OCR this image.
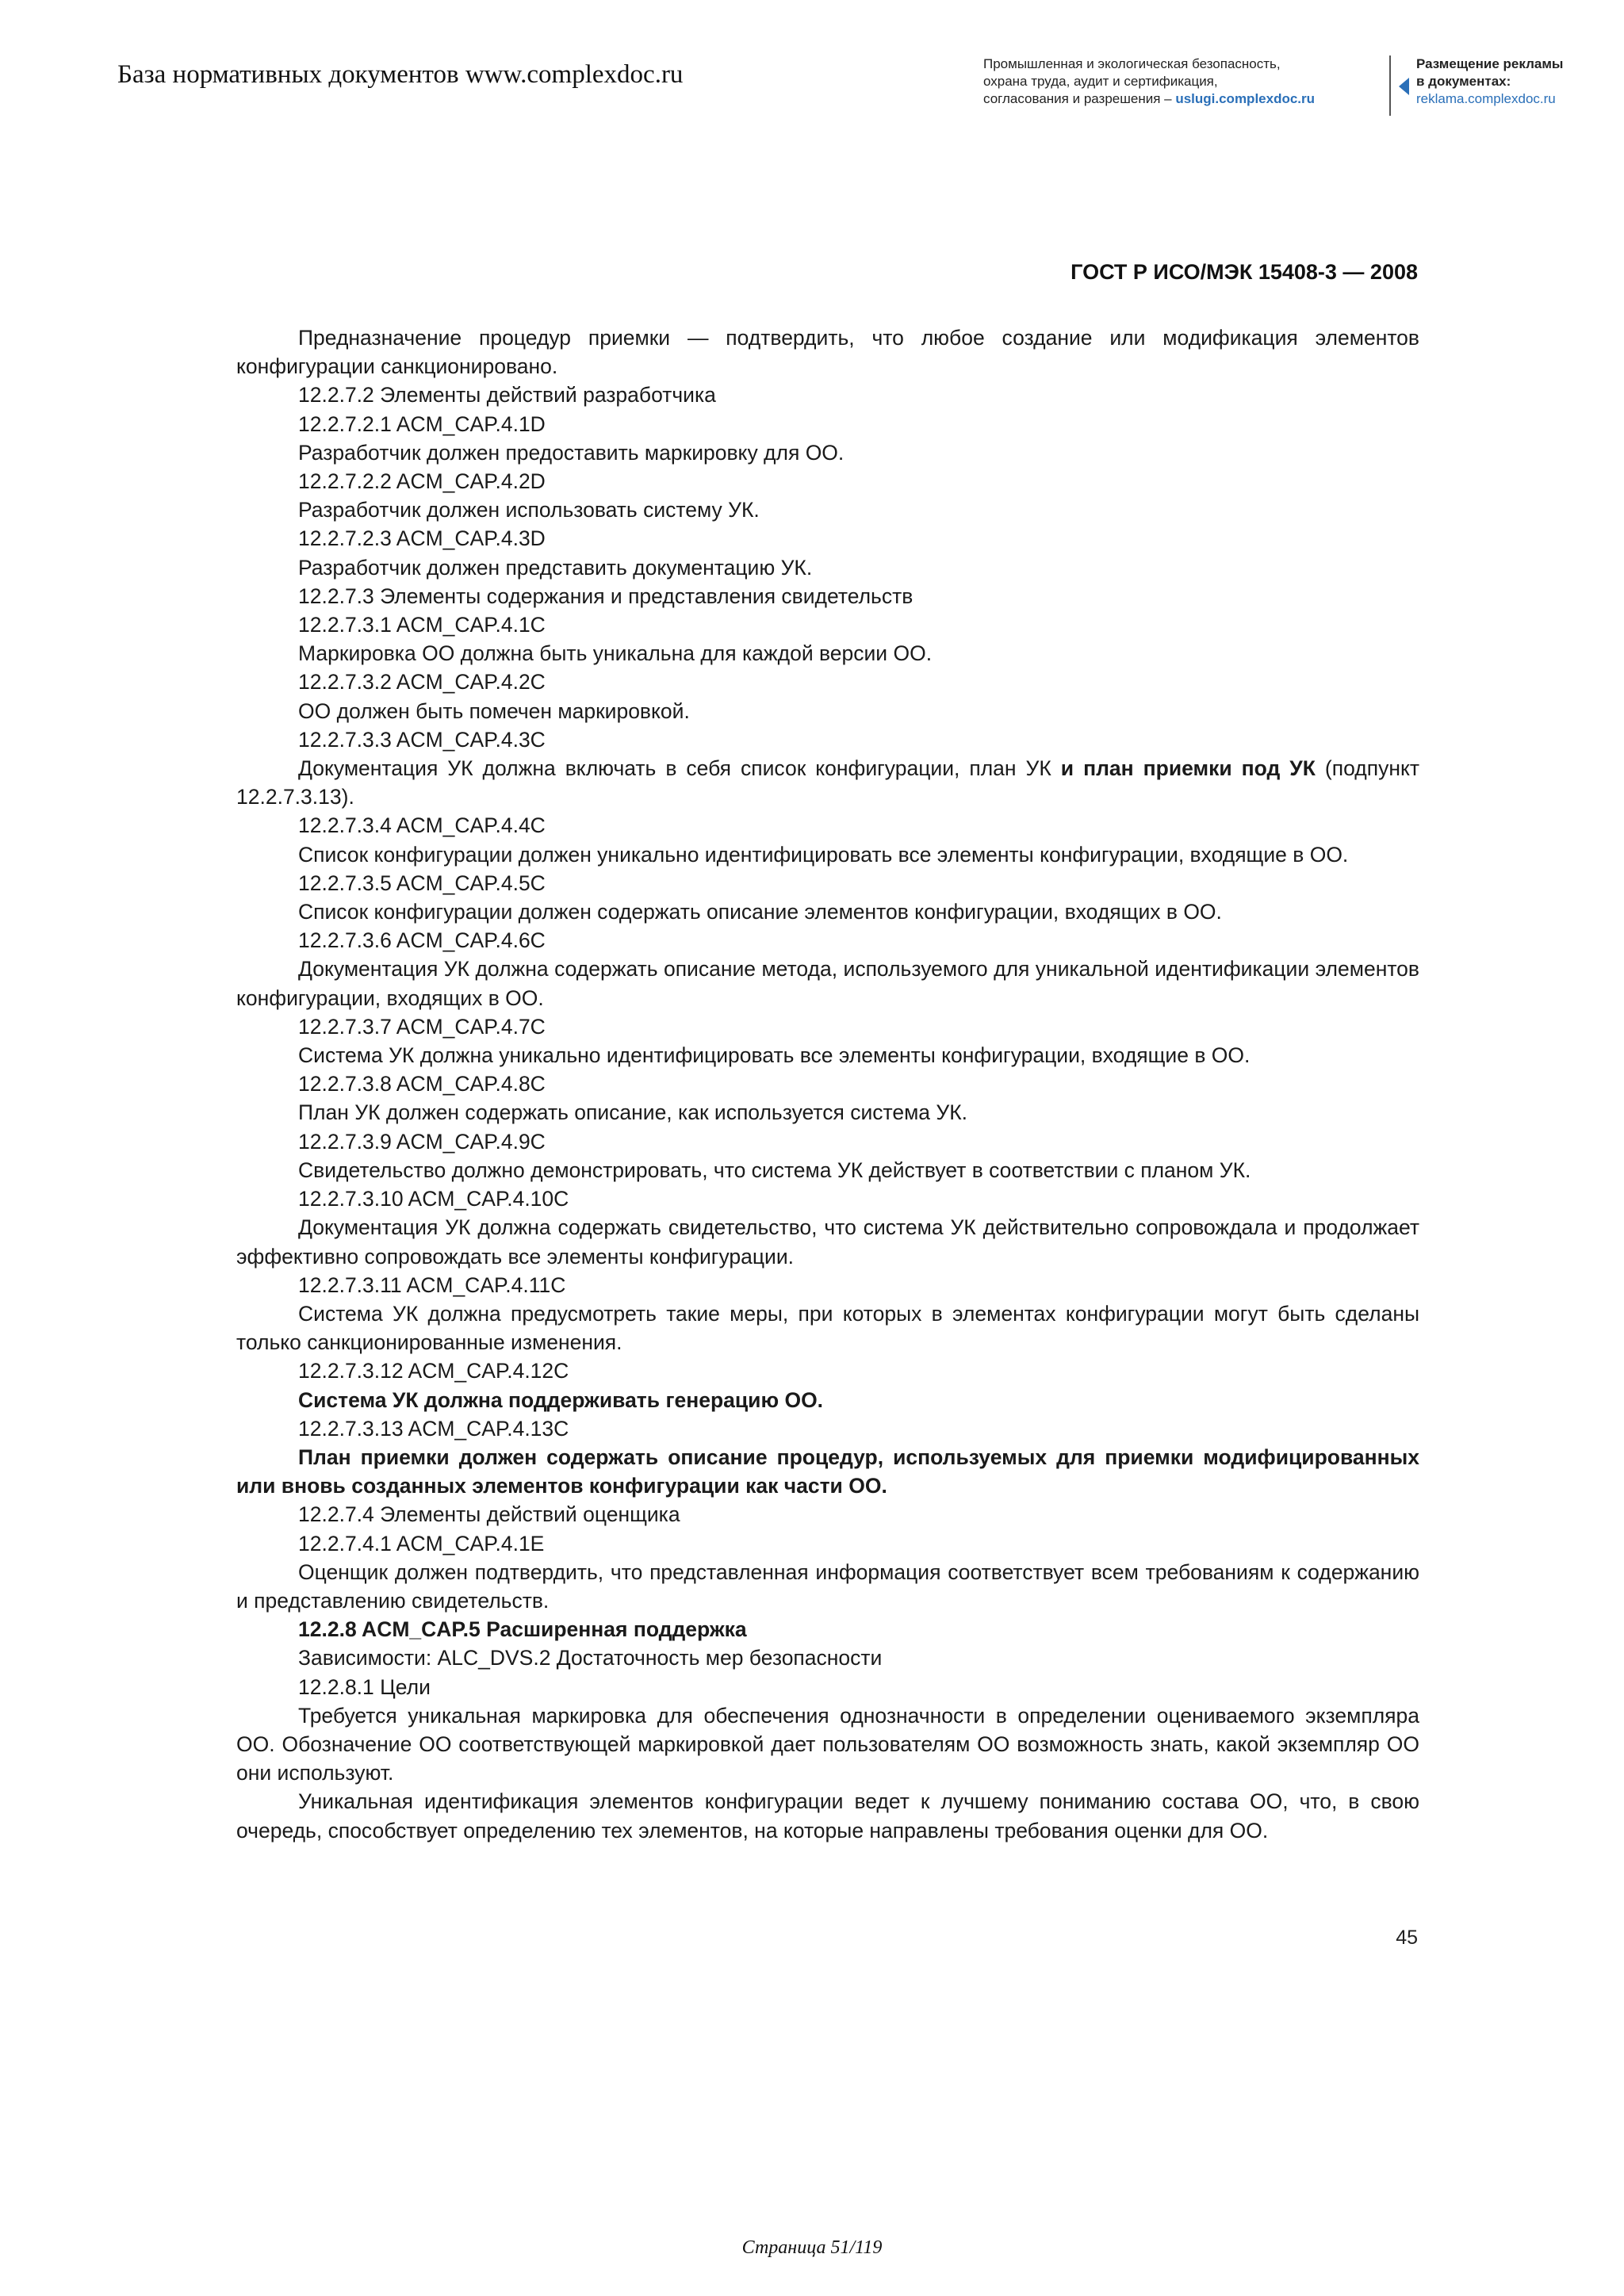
База нормативных документов www.complexdoc.ru	Промышленная и экологическая безопасность,
охрана труда, аудит и сертификация,
согласования и разрешения – uslugi.complexdoc.ru
Размещение рекламы
в документах:
reklama.complexdoc.ru
ГОСТ Р ИСО/МЭК 15408-3 — 2008

Предназначение процедур приемки — подтвердить, что любое создание или модификация элементов конфигурации санкционировано.

12.2.7.2 Элементы действий разработчика

12.2.7.2.1 ACM_CAP.4.1D

Разработчик должен предоставить маркировку для ОО.

12.2.7.2.2 ACM_CAP.4.2D

Разработчик должен использовать систему УК.

12.2.7.2.3 ACM_CAP.4.3D

Разработчик должен представить документацию УК.

12.2.7.3 Элементы содержания и представления свидетельств

12.2.7.3.1 ACM_CAP.4.1C

Маркировка ОО должна быть уникальна для каждой версии ОО.

12.2.7.3.2 ACM_CAP.4.2C

ОО должен быть помечен маркировкой.

12.2.7.3.3 ACM_CAP.4.3C

Документация УК должна включать в себя список конфигурации, план УК и план приемки под УК (подпункт 12.2.7.3.13).

12.2.7.3.4 ACM_CAP.4.4C

Список конфигурации должен уникально идентифицировать все элементы конфигурации, входящие в ОО.

12.2.7.3.5 ACM_CAP.4.5C

Список конфигурации должен содержать описание элементов конфигурации, входящих в ОО.

12.2.7.3.6 ACM_CAP.4.6C

Документация УК должна содержать описание метода, используемого для уникальной идентификации элементов конфигурации, входящих в ОО.

12.2.7.3.7 ACM_CAP.4.7C

Система УК должна уникально идентифицировать все элементы конфигурации, входящие в ОО.

12.2.7.3.8 ACM_CAP.4.8C

План УК должен содержать описание, как используется система УК.

12.2.7.3.9 ACM_CAP.4.9C

Свидетельство должно демонстрировать, что система УК действует в соответствии с планом УК.

12.2.7.3.10 ACM_CAP.4.10C

Документация УК должна содержать свидетельство, что система УК действительно сопровождала и продолжает эффективно сопровождать все элементы конфигурации.

12.2.7.3.11 ACM_CAP.4.11C

Система УК должна предусмотреть такие меры, при которых в элементах конфигурации могут быть сделаны только санкционированные изменения.

12.2.7.3.12 ACM_CAP.4.12C

Система УК должна поддерживать генерацию ОО.

12.2.7.3.13 ACM_CAP.4.13C

План приемки должен содержать описание процедур, используемых для приемки модифицированных или вновь созданных элементов конфигурации как части ОО.

12.2.7.4 Элементы действий оценщика

12.2.7.4.1 ACM_CAP.4.1E

Оценщик должен подтвердить, что представленная информация соответствует всем требованиям к содержанию и представлению свидетельств.

12.2.8 ACM_CAP.5 Расширенная поддержка

Зависимости: ALC_DVS.2 Достаточность мер безопасности

12.2.8.1 Цели

Требуется уникальная маркировка для обеспечения однозначности в определении оцениваемого экземпляра ОО. Обозначение ОО соответствующей маркировкой дает пользователям ОО возможность знать, какой экземпляр ОО они используют.

Уникальная идентификация элементов конфигурации ведет к лучшему пониманию состава ОО, что, в свою очередь, способствует определению тех элементов, на которые направлены требования оценки для ОО.

45
Страница 51/119
